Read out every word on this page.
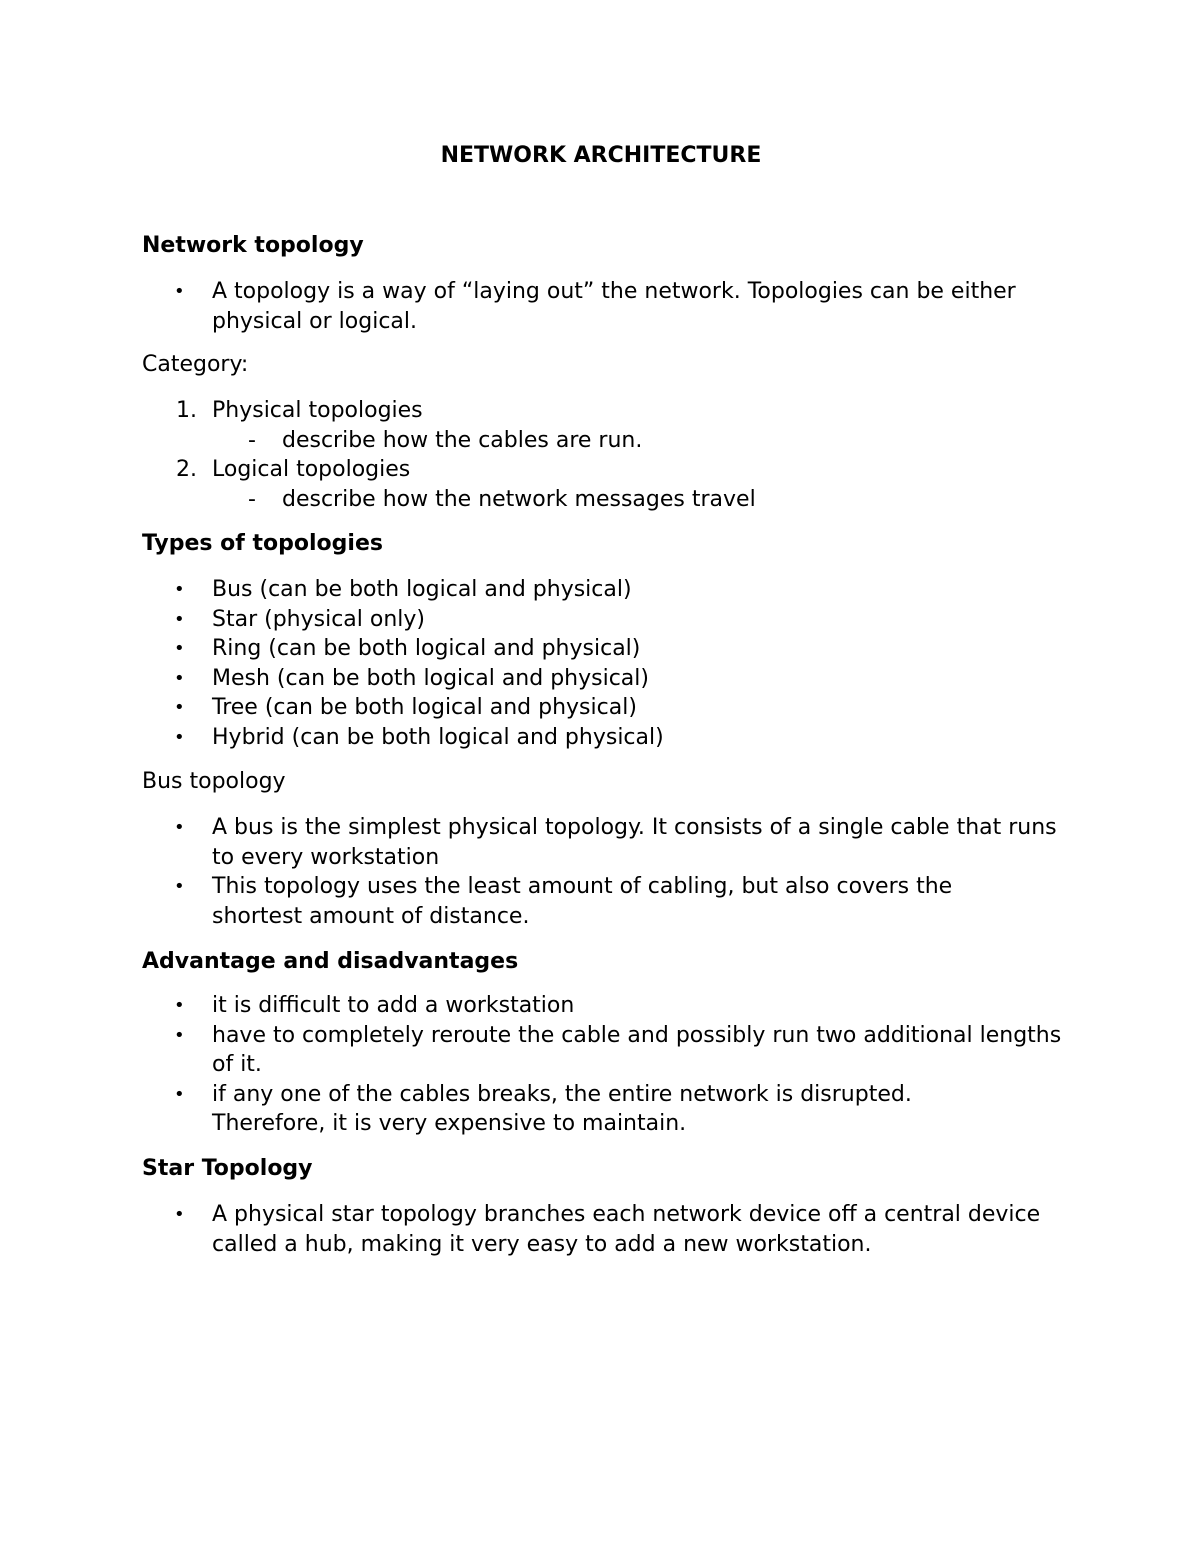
NETWORK ARCHITECTURE
Network topology
• A topology is a way of “laying out” the network. Topologies can be either physical or logical.
Category:
1. Physical topologies
- describe how the cables are run.
2. Logical topologies
- describe how the network messages travel
Types of topologies
• Bus (can be both logical and physical)
• Star (physical only)
• Ring (can be both logical and physical)
• Mesh (can be both logical and physical)
• Tree (can be both logical and physical)
• Hybrid (can be both logical and physical)
Bus topology
• A bus is the simplest physical topology. It consists of a single cable that runs to every workstation
• This topology uses the least amount of cabling, but also covers the shortest amount of distance.
Advantage and disadvantages
• it is difficult to add a workstation
• have to completely reroute the cable and possibly run two additional lengths of it.
• if any one of the cables breaks, the entire network is disrupted. Therefore, it is very expensive to maintain.
Star Topology
• A physical star topology branches each network device off a central device called a hub, making it very easy to add a new workstation.
